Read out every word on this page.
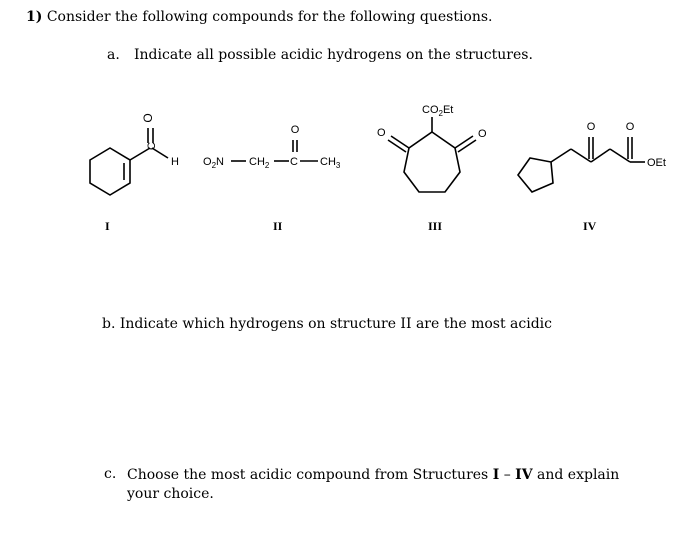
1) Consider the following compounds for the following questions.
a. Indicate all possible acidic hydrogens on the structures.
O
C
H $O_2N$ $CH_2$ C
O
$CH_3$
$CO_2Et$
O	O
O	O
OEt
I	II	III	IV
b. Indicate which hydrogens on structure II are the most acidic
c. Choose the most acidic compound from Structures I – IV and explain your choice.
